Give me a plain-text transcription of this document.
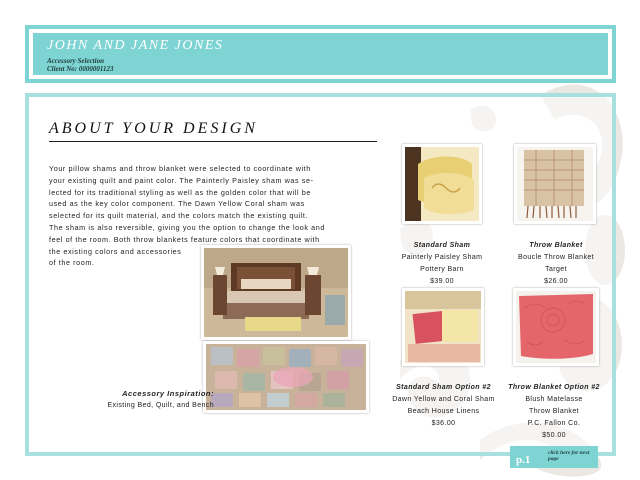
JOHN AND JANE JONES
Accessory Selection
Client No: 0000001123
ABOUT YOUR DESIGN
Your pillow shams and throw blanket were selected to coordinate with
your existing quilt and paint color. The Painterly Paisley sham was se-
lected for its traditional styling as well as the golden color that will be
used as the key color component. The Dawn Yellow Coral sham was
selected for its quilt material, and the colors match the existing quilt.
The sham is also reversible, giving you the option to change the look and
feel of the room. Both throw blankets feature colors that coordinate with
the existing colors and accessories
of the room.
Accessory Inspiration:
Existing Bed, Quilt, and Bench
Standard Sham
Painterly Paisley Sham
Pottery Barn
$39.00
Throw Blanket
Boucle Throw Blanket
Target
$26.00
Standard Sham Option #2
Dawn Yellow and Coral Sham
Beach House Linens
$36.00
Throw Blanket Option #2
Blush Matelasse
Throw Blanket
P.C. Fallon Co.
$50.00
p.1
click here for next page
